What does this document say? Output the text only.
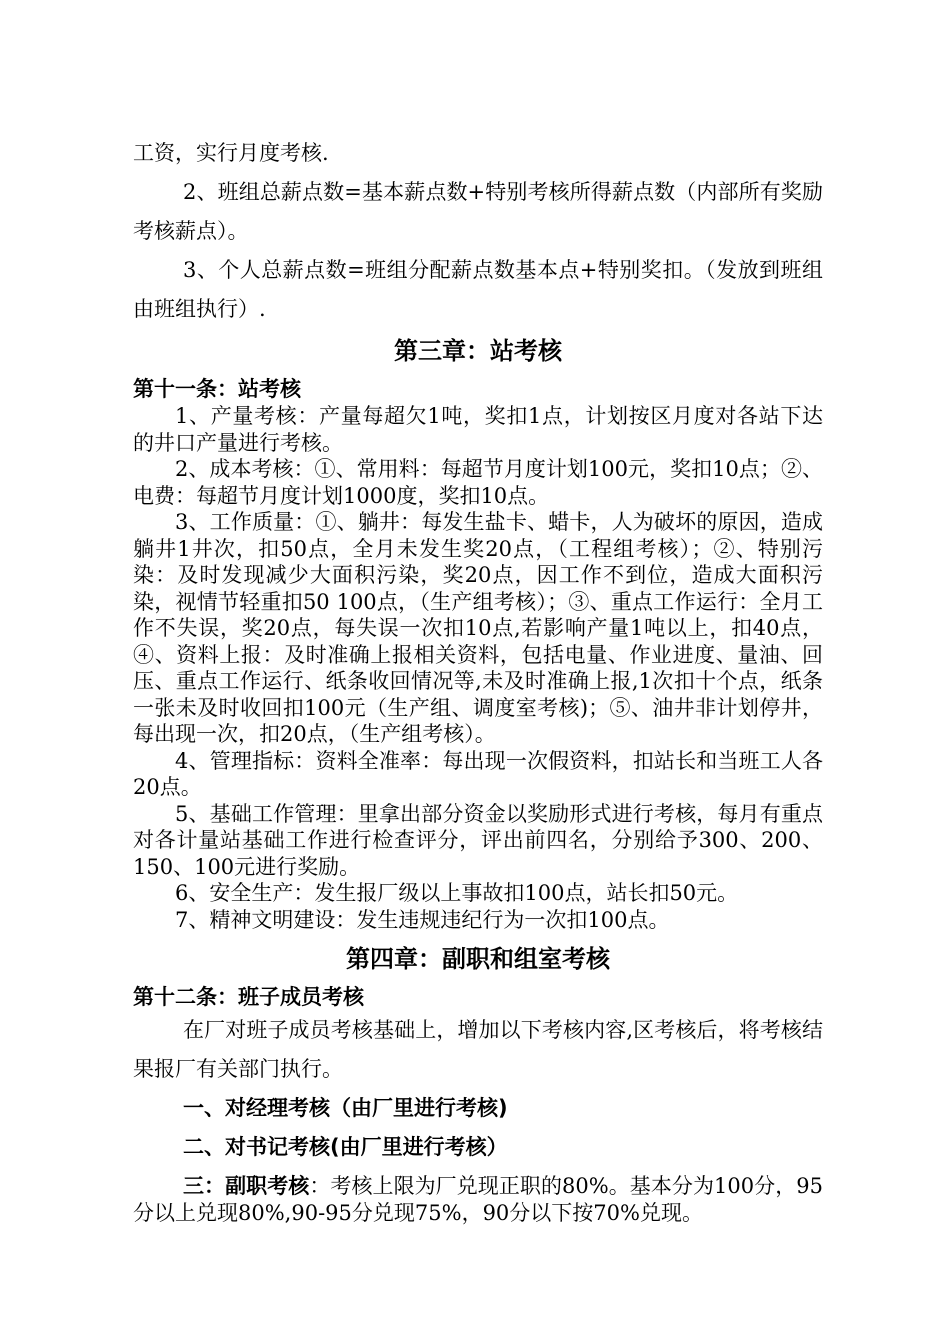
工资，实行月度考核.

2、班组总薪点数=基本薪点数+特别考核所得薪点数（内部所有奖励考核薪点）。

3、个人总薪点数=班组分配薪点数基本点+特别奖扣。（发放到班组由班组执行）.

第三章：站考核
第十一条：站考核

1、产量考核：产量每超欠1吨，奖扣1点，计划按区月度对各站下达的井口产量进行考核。

2、成本考核：①、常用料：每超节月度计划100元，奖扣10点；②、电费：每超节月度计划1000度，奖扣10点。

3、工作质量：①、躺井：每发生盐卡、蜡卡，人为破坏的原因，造成躺井1井次，扣50点，全月未发生奖20点，（工程组考核）；②、特别污染：及时发现减少大面积污染，奖20点，因工作不到位，造成大面积污染，视情节轻重扣50 100点，（生产组考核）；③、重点工作运行：全月工作不失误，奖20点，每失误一次扣10点,若影响产量1吨以上，扣40点，④、资料上报：及时准确上报相关资料，包括电量、作业进度、量油、回压、重点工作运行、纸条收回情况等,未及时准确上报,1次扣十个点，纸条一张未及时收回扣100元（生产组、调度室考核)；⑤、油井非计划停井，每出现一次，扣20点，（生产组考核）。

4、管理指标：资料全准率：每出现一次假资料，扣站长和当班工人各20点。

5、基础工作管理：里拿出部分资金以奖励形式进行考核，每月有重点对各计量站基础工作进行检查评分，评出前四名，分别给予300、200、150、100元进行奖励。

6、安全生产：发生报厂级以上事故扣100点，站长扣50元。

7、精神文明建设：发生违规违纪行为一次扣100点。

第四章：副职和组室考核
第十二条：班子成员考核

在厂对班子成员考核基础上，增加以下考核内容,区考核后，将考核结果报厂有关部门执行。

一、对经理考核（由厂里进行考核)

二、对书记考核(由厂里进行考核）

三：副职考核：考核上限为厂兑现正职的80%。基本分为100分，95分以上兑现80%,90-95分兑现75%，90分以下按70%兑现。
